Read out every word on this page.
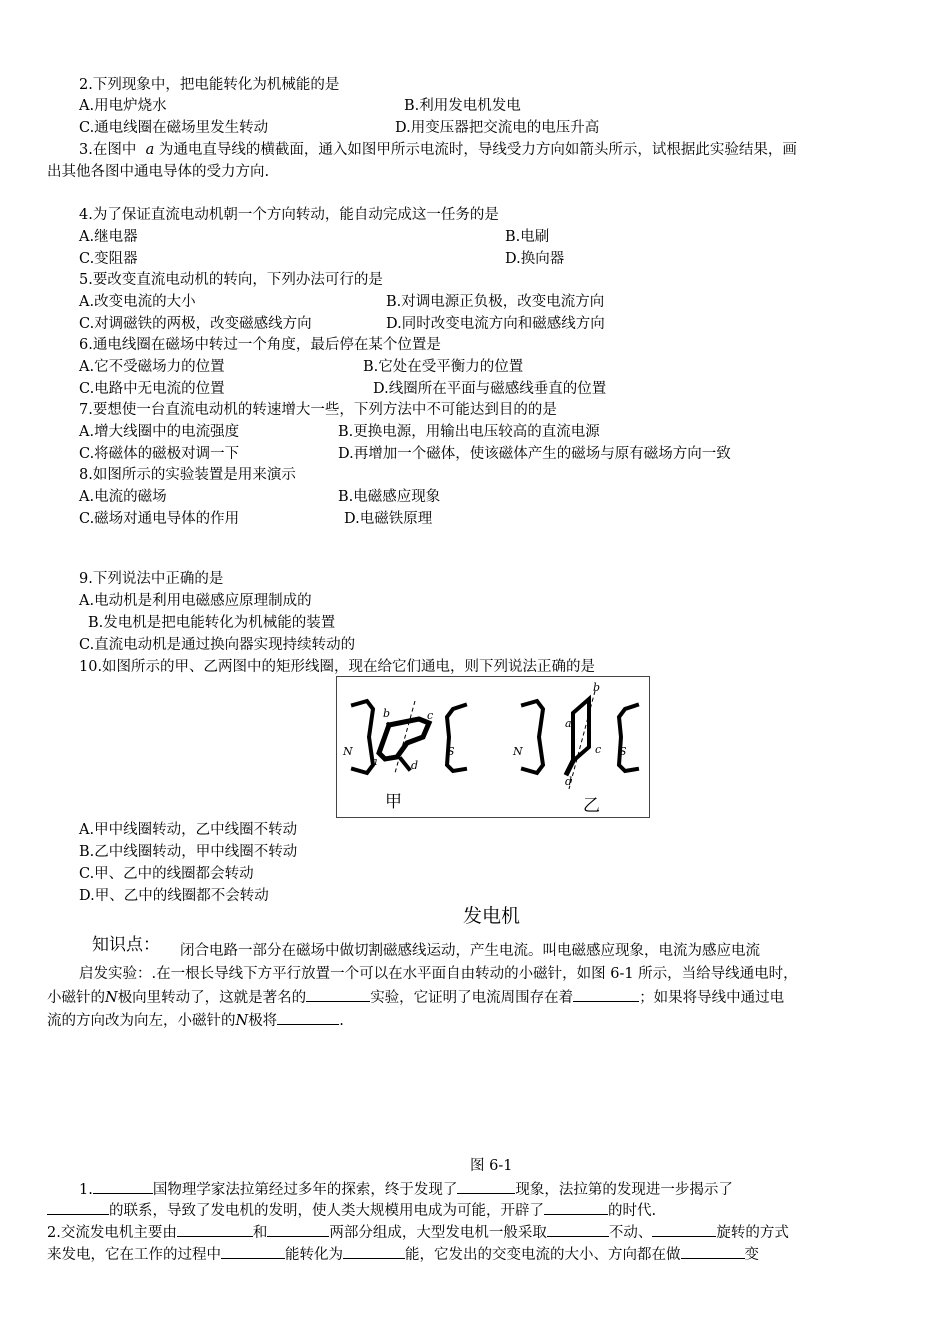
2.下列现象中，把电能转化为机械能的是
A.用电炉烧水	B.利用发电机发电
C.通电线圈在磁场里发生转动	D.用变压器把交流电的电压升高
3.在图中 a 为通电直导线的横截面，通入如图甲所示电流时，导线受力方向如箭头所示，试根据此实验结果，画
出其他各图中通电导体的受力方向.
4.为了保证直流电动机朝一个方向转动，能自动完成这一任务的是
A.继电器	B.电刷
C.变阻器	D.换向器
5.要改变直流电动机的转向，下列办法可行的是
A.改变电流的大小	B.对调电源正负极，改变电流方向
C.对调磁铁的两极，改变磁感线方向	D.同时改变电流方向和磁感线方向
6.通电线圈在磁场中转过一个角度，最后停在某个位置是
A.它不受磁场力的位置	B.它处在受平衡力的位置
C.电路中无电流的位置	D.线圈所在平面与磁感线垂直的位置
7.要想使一台直流电动机的转速增大一些，下列方法中不可能达到目的的是
A.增大线圈中的电流强度	B.更换电源，用输出电压较高的直流电源
C.将磁体的磁极对调一下	D.再增加一个磁体，使该磁体产生的磁场与原有磁场方向一致
8.如图所示的实验装置是用来演示
A.电流的磁场	B.电磁感应现象
C.磁场对通电导体的作用	D.电磁铁原理
9.下列说法中正确的是
A.电动机是利用电磁感应原理制成的
B.发电机是把电能转化为机械能的装置
C.直流电动机是通过换向器实现持续转动的
10.如图所示的甲、乙两图中的矩形线圈，现在给它们通电，则下列说法正确的是
N	S	N	S
b	c
a	d
b
a
c
d
甲	乙
A.甲中线圈转动，乙中线圈不转动
B.乙中线圈转动，甲中线圈不转动
C.甲、乙中的线圈都会转动
D.甲、乙中的线圈都不会转动
发电机
知识点： 闭合电路一部分在磁场中做切割磁感线运动，产生电流。叫电磁感应现象，电流为感应电流
启发实验：.在一根长导线下方平行放置一个可以在水平面自由转动的小磁针，如图 6-1 所示，当给导线通电时，
小磁针的N极向里转动了，这就是著名的	实验，它证明了电流周围存在着	；如果将导线中通过电
流的方向改为向左，小磁针的N极将	.
图 6-1
1.	国物理学家法拉第经过多年的探索，终于发现了	现象，法拉第的发现进一步揭示了
的联系，导致了发电机的发明，使人类大规模用电成为可能，开辟了	的时代.
2.交流发电机主要由	和	两部分组成，大型发电机一般采取	不动、	旋转的方式
来发电，它在工作的过程中	能转化为	能，它发出的交变电流的大小、方向都在做	变
